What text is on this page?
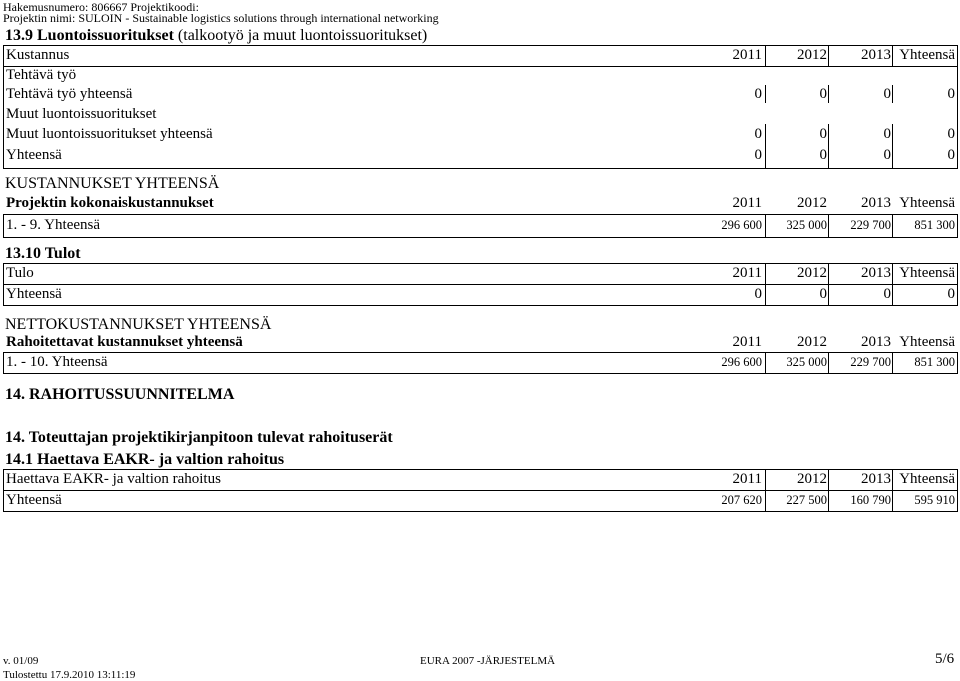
Hakemusnumero: 806667 Projektikoodi:
Projektin nimi: SULOIN - Sustainable logistics solutions through international networking
13.9 Luontoissuoritukset (talkootyö ja muut luontoissuoritukset)
Kustannus	2011	2012	2013 Yhteensä
Tehtävä työ
Tehtävä työ yhteensä	0	0	0	0
Muut luontoissuoritukset
Muut luontoissuoritukset yhteensä	0	0	0	0
Yhteensä	0	0	0	0
KUSTANNUKSET YHTEENSÄ
Projektin kokonaiskustannukset	2011	2012	2013 Yhteensä
1. - 9. Yhteensä	296 600	325 000	229 700	851 300
13.10 Tulot
Tulo	2011	2012	2013 Yhteensä
Yhteensä	0	0	0	0
NETTOKUSTANNUKSET YHTEENSÄ
Rahoitettavat kustannukset yhteensä	2011	2012	2013 Yhteensä
1. - 10. Yhteensä	296 600	325 000	229 700	851 300
14. RAHOITUSSUUNNITELMA
14. Toteuttajan projektikirjanpitoon tulevat rahoituserät
14.1 Haettava EAKR- ja valtion rahoitus
Haettava EAKR- ja valtion rahoitus	2011	2012	2013 Yhteensä
Yhteensä	207 620	227 500	160 790	595 910
v. 01/09	EURA 2007 -JÄRJESTELMÄ	5/6
Tulostettu 17.9.2010 13:11:19
